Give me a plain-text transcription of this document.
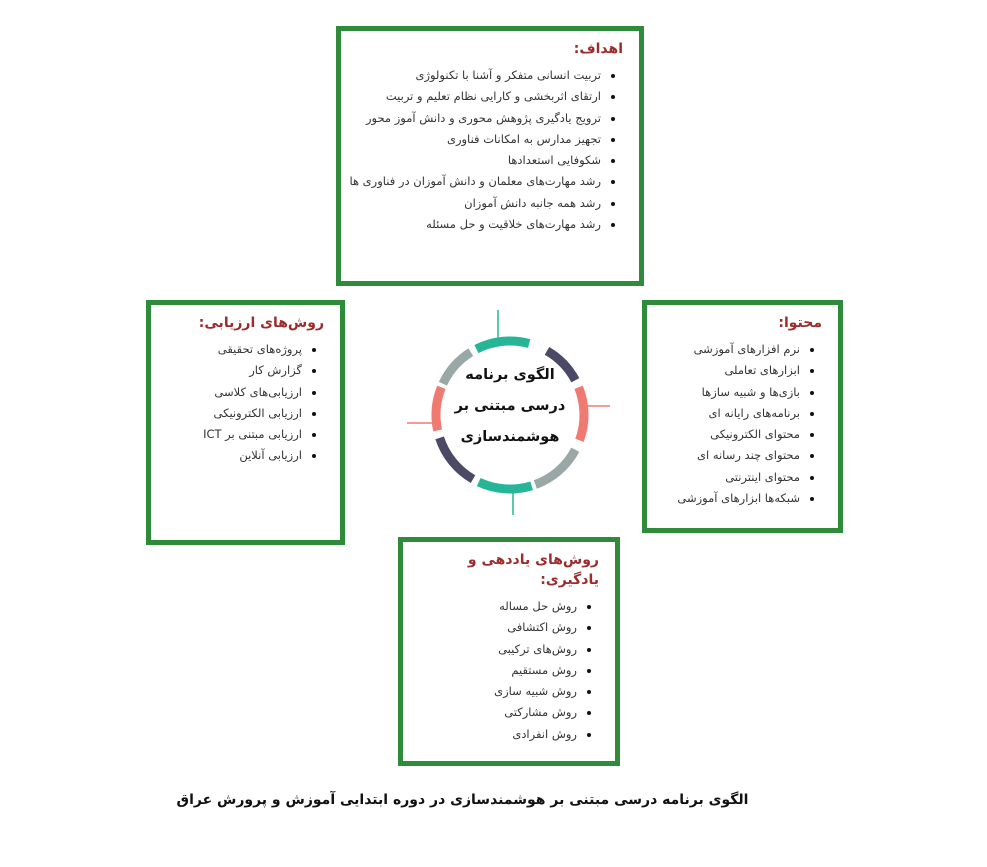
اهداف:
• تربیت انسانی متفکر و آشنا با تکنولوژی
• ارتقای اثربخشی و کارایی نظام تعلیم و تربیت
• ترویج یادگیری پژوهش محوری و دانش آموز محور
• تجهیز مدارس به امکانات فناوری
• شکوفایی استعدادها
• رشد مهارت‌های معلمان و دانش آموزان در فناوری ها
• رشد همه جانبه دانش آموزان
• رشد مهارت‌های خلاقیت و حل مسئله
محتوا:
• نرم افزارهای آموزشی
• ابزارهای تعاملی
• بازی‌ها و شبیه سازها
• برنامه‌های رایانه ای
• محتوای الکترونیکی
• محتوای چند رسانه ای
• محتوای اینترنتی
• شبکه‌ها ابزارهای آموزشی
روش‌های ارزیابی:
• پروژه‌های تحقیقی
• گزارش کار
• ارزیابی‌های کلاسی
• ارزیابی الکترونیکی
• ارزیابی مبتنی بر ICT
• ارزیابی آنلاین
روش‌های یاددهی و یادگیری:
• روش حل مساله
• روش اکتشافی
• روش‌های ترکیبی
• روش مستقیم
• روش شبیه سازی
• روش مشارکتی
• روش انفرادی
الگوی برنامه
درسی مبتنی بر
هوشمندسازی
الگوی برنامه درسی مبتنی بر هوشمندسازی در دوره ابتدایی آموزش و پرورش عراق
